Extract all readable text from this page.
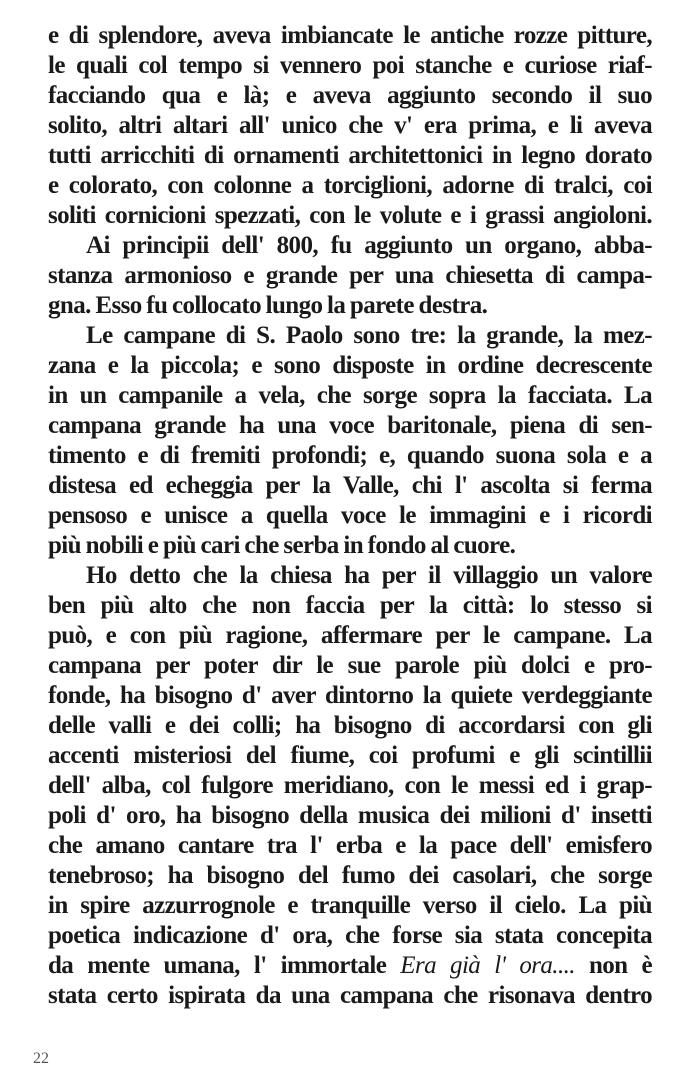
e di splendore, aveva imbiancate le antiche rozze pitture,
le quali col tempo si vennero poi stanche e curiose riaf-
facciando qua e là; e aveva aggiunto secondo il suo
solito, altri altari all' unico che v' era prima, e li aveva
tutti arricchiti di ornamenti architettonici in legno dorato
e colorato, con colonne a torciglioni, adorne di tralci, coi
soliti cornicioni spezzati, con le volute e i grassi angioloni.
Ai principii dell' 800, fu aggiunto un organo, abba-
stanza armonioso e grande per una chiesetta di campa-
gna. Esso fu collocato lungo la parete destra.
Le campane di S. Paolo sono tre: la grande, la mez-
zana e la piccola; e sono disposte in ordine decrescente
in un campanile a vela, che sorge sopra la facciata. La
campana grande ha una voce baritonale, piena di sen-
timento e di fremiti profondi; e, quando suona sola e a
distesa ed echeggia per la Valle, chi l' ascolta si ferma
pensoso e unisce a quella voce le immagini e i ricordi
più nobili e più cari che serba in fondo al cuore.
Ho detto che la chiesa ha per il villaggio un valore
ben più alto che non faccia per la città: lo stesso si
può, e con più ragione, affermare per le campane. La
campana per poter dir le sue parole più dolci e pro-
fonde, ha bisogno d' aver dintorno la quiete verdeggiante
delle valli e dei colli; ha bisogno di accordarsi con gli
accenti misteriosi del fiume, coi profumi e gli scintillii
dell' alba, col fulgore meridiano, con le messi ed i grap-
poli d' oro, ha bisogno della musica dei milioni d' insetti
che amano cantare tra l' erba e la pace dell' emisfero
tenebroso; ha bisogno del fumo dei casolari, che sorge
in spire azzurrognole e tranquille verso il cielo. La più
poetica indicazione d' ora, che forse sia stata concepita
da mente umana, l' immortale Era già l' ora.... non è
stata certo ispirata da una campana che risonava dentro
22
